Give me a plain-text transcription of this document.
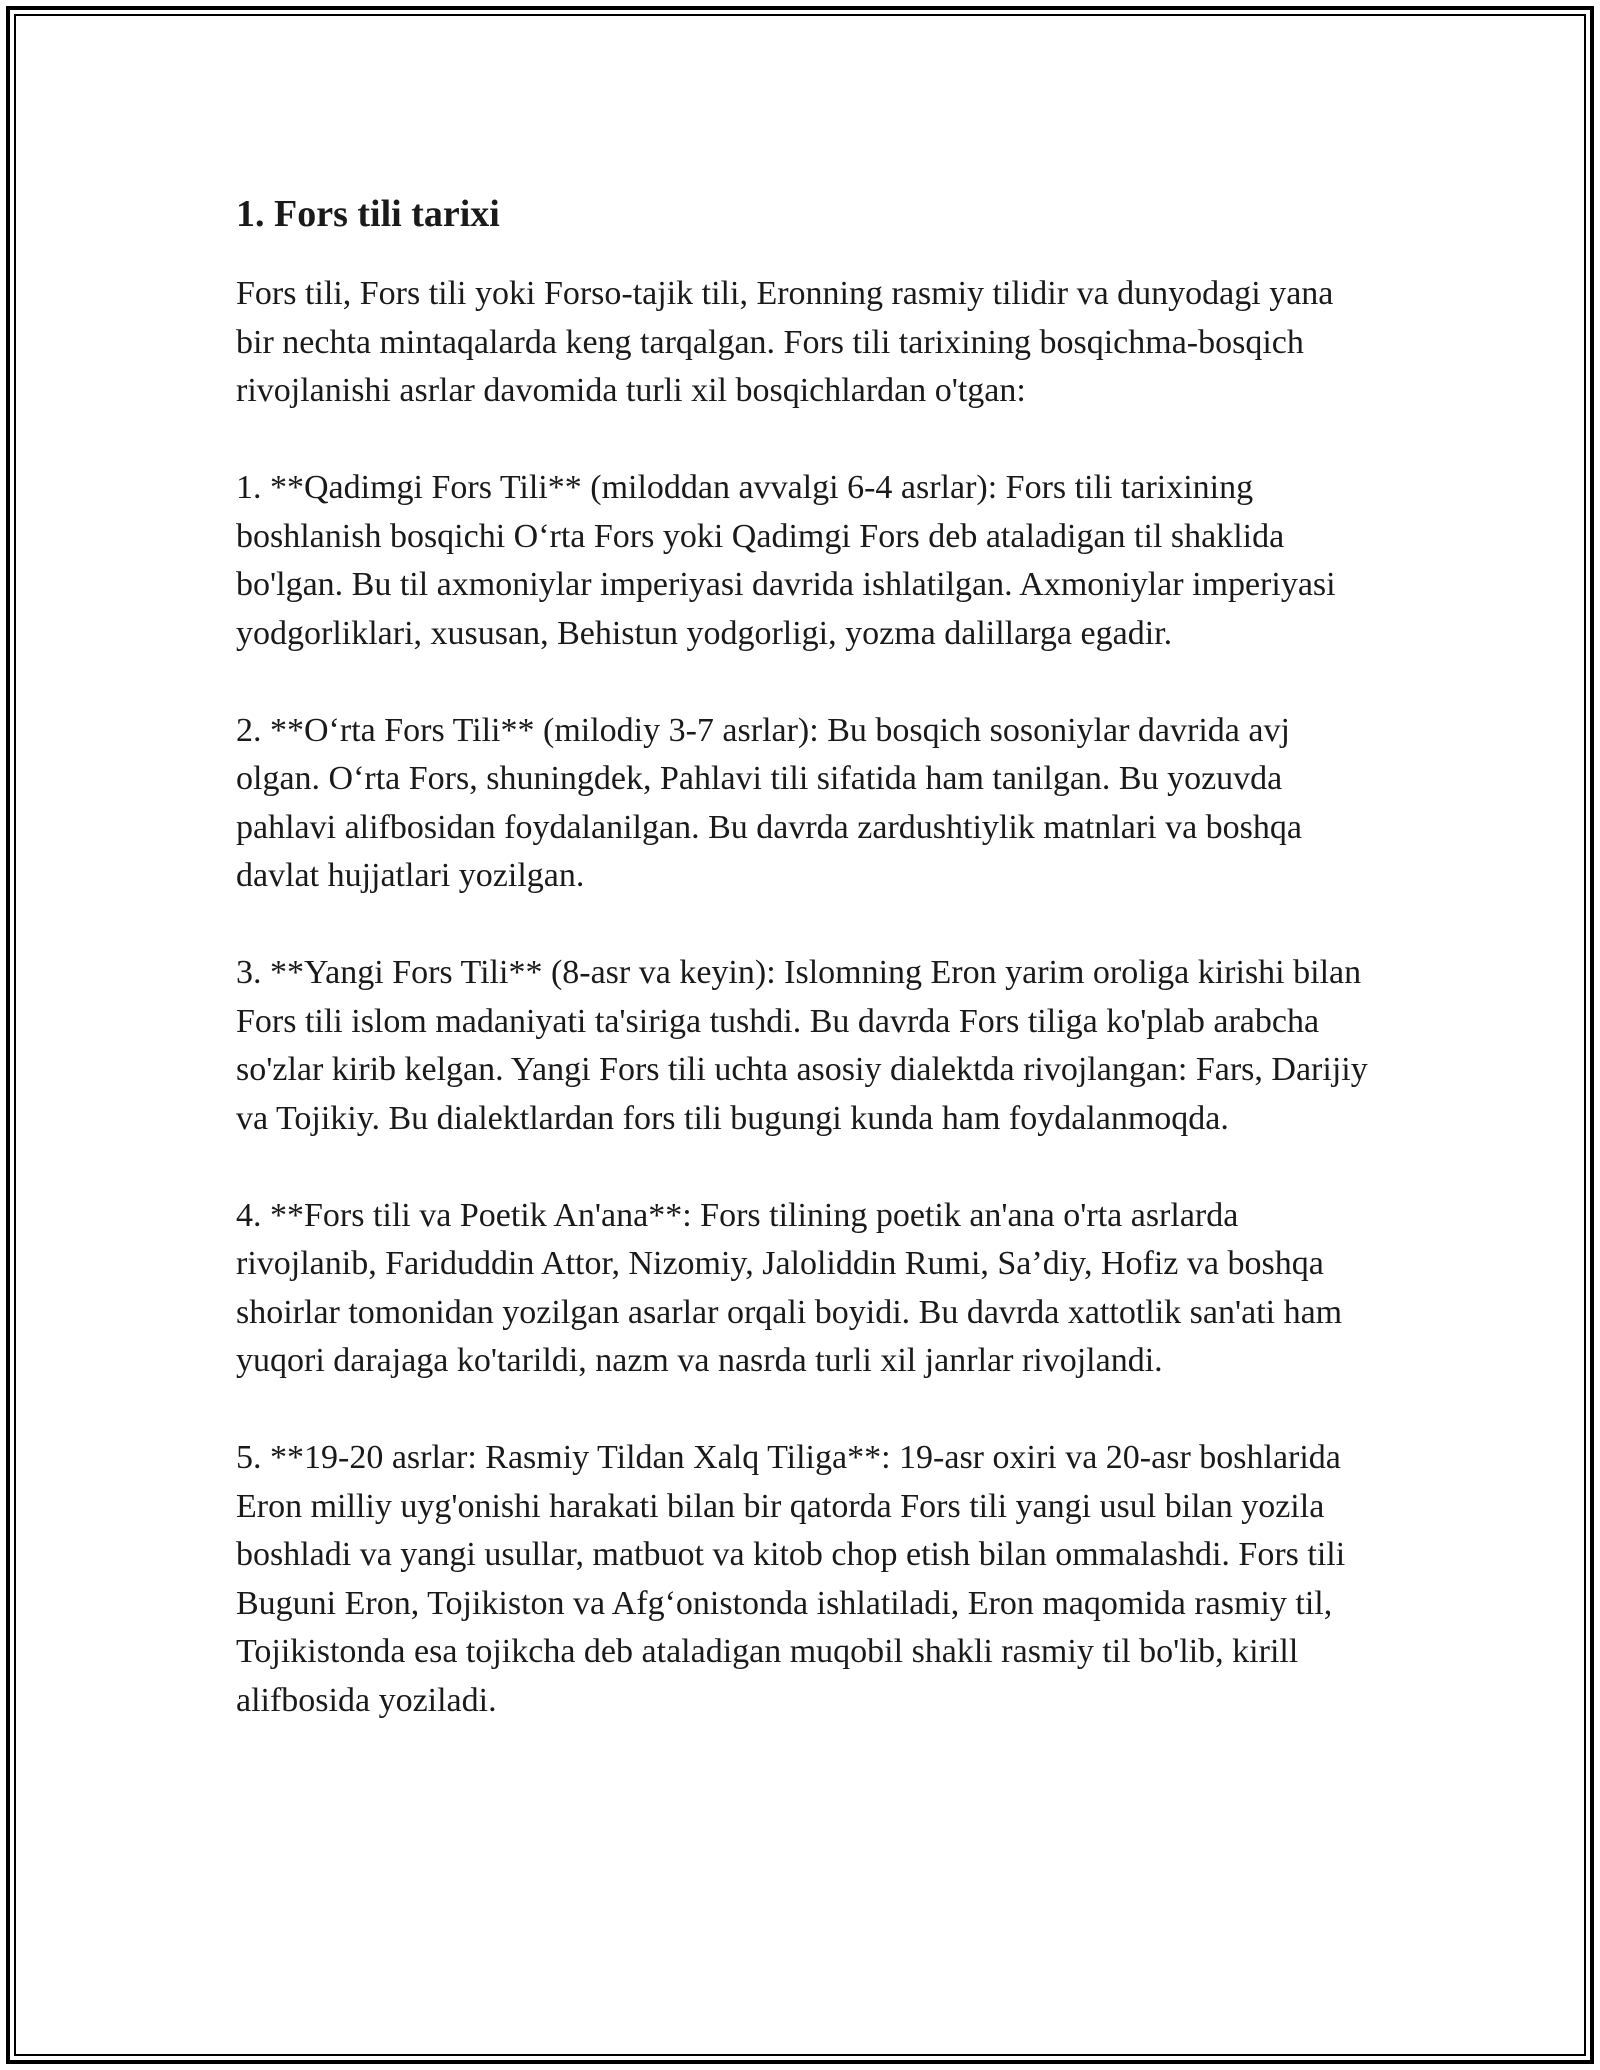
1. Fors tili tarixi

Fors tili, Fors tili yoki Forso-tajik tili, Eronning rasmiy tilidir va dunyodagi yana bir nechta mintaqalarda keng tarqalgan. Fors tili tarixining bosqichma-bosqich rivojlanishi asrlar davomida turli xil bosqichlardan o'tgan:

1. **Qadimgi Fors Tili** (miloddan avvalgi 6-4 asrlar): Fors tili tarixining boshlanish bosqichi O‘rta Fors yoki Qadimgi Fors deb ataladigan til shaklida bo'lgan. Bu til axmoniylar imperiyasi davrida ishlatilgan. Axmoniylar imperiyasi yodgorliklari, xususan, Behistun yodgorligi, yozma dalillarga egadir.

2. **O‘rta Fors Tili** (milodiy 3-7 asrlar): Bu bosqich sosoniylar davrida avj olgan. O‘rta Fors, shuningdek, Pahlavi tili sifatida ham tanilgan. Bu yozuvda pahlavi alifbosidan foydalanilgan. Bu davrda zardushtiylik matnlari va boshqa davlat hujjatlari yozilgan.

3. **Yangi Fors Tili** (8-asr va keyin): Islomning Eron yarim oroliga kirishi bilan Fors tili islom madaniyati ta'siriga tushdi. Bu davrda Fors tiliga ko'plab arabcha so'zlar kirib kelgan. Yangi Fors tili uchta asosiy dialektda rivojlangan: Fars, Darijiy va Tojikiy. Bu dialektlardan fors tili bugungi kunda ham foydalanmoqda.

4. **Fors tili va Poetik An'ana**: Fors tilining poetik an'ana o'rta asrlarda rivojlanib, Fariduddin Attor, Nizomiy, Jaloliddin Rumi, Sa’diy, Hofiz va boshqa shoirlar tomonidan yozilgan asarlar orqali boyidi. Bu davrda xattotlik san'ati ham yuqori darajaga ko'tarildi, nazm va nasrda turli xil janrlar rivojlandi.

5. **19-20 asrlar: Rasmiy Tildan Xalq Tiliga**: 19-asr oxiri va 20-asr boshlarida Eron milliy uyg'onishi harakati bilan bir qatorda Fors tili yangi usul bilan yozila boshladi va yangi usullar, matbuot va kitob chop etish bilan ommalashdi. Fors tili Buguni Eron, Tojikiston va Afg‘onistonda ishlatiladi, Eron maqomida rasmiy til, Tojikistonda esa tojikcha deb ataladigan muqobil shakli rasmiy til bo'lib, kirill alifbosida yoziladi.
